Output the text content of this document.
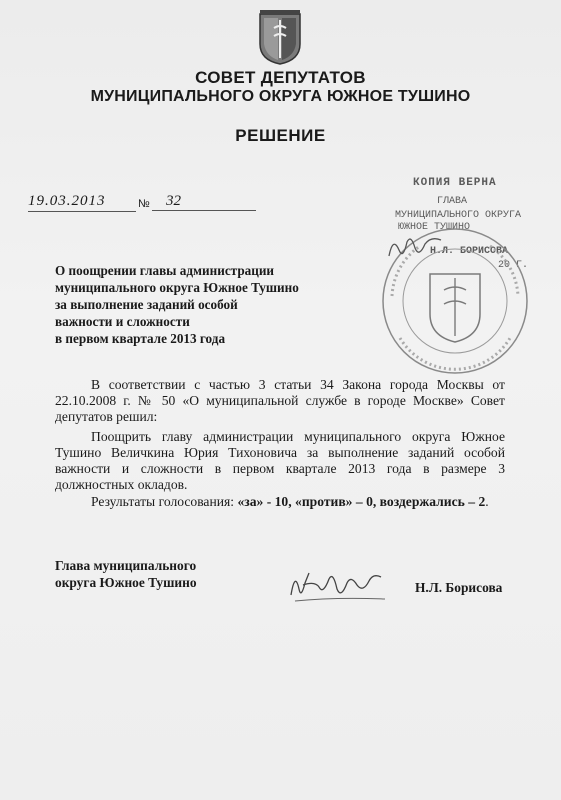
СОВЕТ ДЕПУТАТОВ
МУНИЦИПАЛЬНОГО ОКРУГА ЮЖНОЕ ТУШИНО
РЕШЕНИЕ
19.03.2013	№	32
КОПИЯ ВЕРНА
ГЛАВА
МУНИЦИПАЛЬНОГО ОКРУГА
ЮЖНОЕ ТУШИНО
Н.Л. БОРИСОВА
20 Г.
О поощрении главы администрации
муниципального округа Южное Тушино
за выполнение заданий особой
важности и сложности
в первом квартале 2013 года
В соответствии с частью 3 статьи 34 Закона города Москвы от 22.10.2008 г. № 50 «О муниципальной службе в городе Москве» Совет депутатов решил:
Поощрить главу администрации муниципального округа Южное Тушино Величкина Юрия Тихоновича за выполнение заданий особой важности и сложности в первом квартале 2013 года в размере 3 должностных окладов.
Результаты голосования: «за» - 10, «против» – 0, воздержались – 2.
Глава муниципального
округа Южное Тушино	Н.Л. Борисова
